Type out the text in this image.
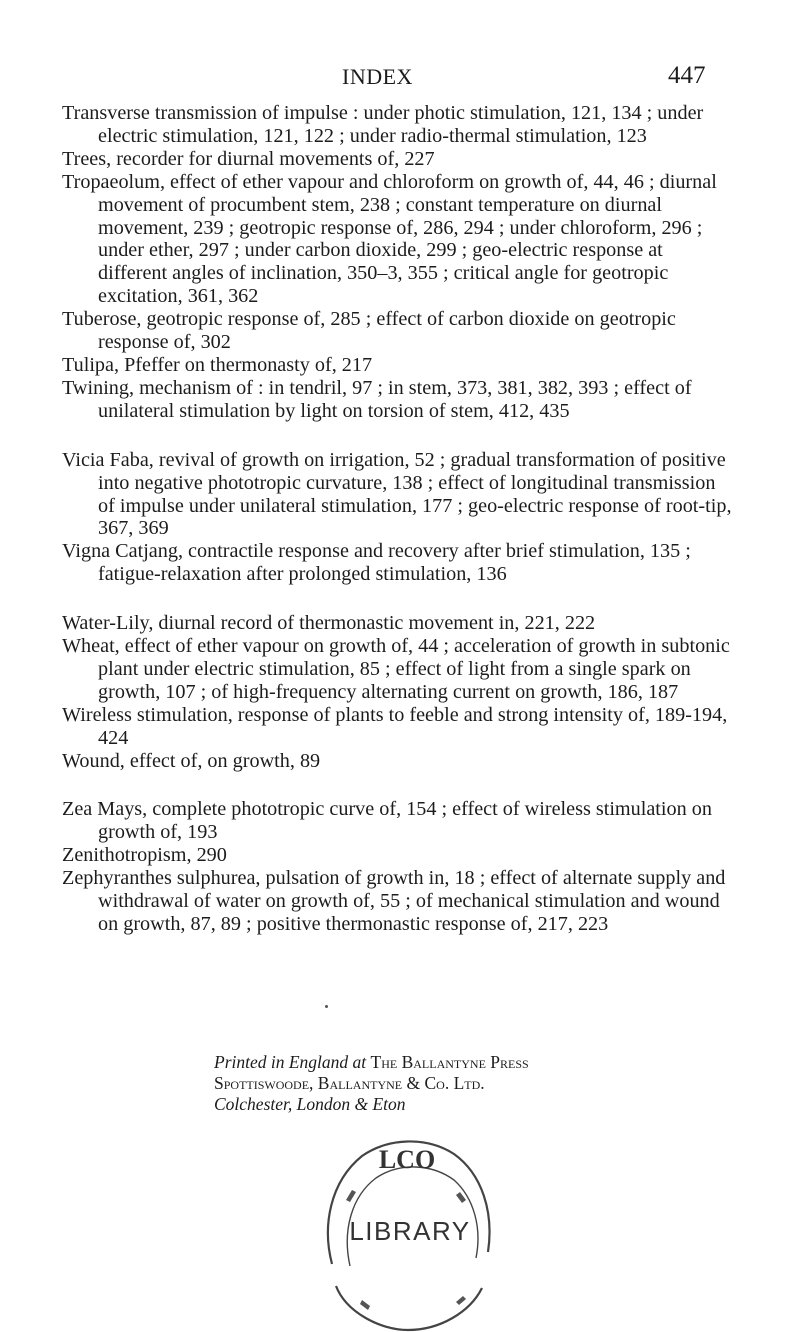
INDEX	447

Transverse transmission of impulse : under photic stimulation, 121, 134 ; under electric stimulation, 121, 122 ; under radio-thermal stimulation, 123

Trees, recorder for diurnal movements of, 227

Tropaeolum, effect of ether vapour and chloroform on growth of, 44, 46 ; diurnal movement of procumbent stem, 238 ; constant temperature on diurnal movement, 239 ; geotropic response of, 286, 294 ; under chloroform, 296 ; under ether, 297 ; under carbon dioxide, 299 ; geo-electric response at different angles of inclination, 350–3, 355 ; critical angle for geotropic excitation, 361, 362

Tuberose, geotropic response of, 285 ; effect of carbon dioxide on geotropic response of, 302

Tulipa, Pfeffer on thermonasty of, 217

Twining, mechanism of : in tendril, 97 ; in stem, 373, 381, 382, 393 ; effect of unilateral stimulation by light on torsion of stem, 412, 435

Vicia Faba, revival of growth on irrigation, 52 ; gradual transformation of positive into negative phototropic curvature, 138 ; effect of longitudinal transmission of impulse under unilateral stimulation, 177 ; geo-electric response of root-tip, 367, 369

Vigna Catjang, contractile response and recovery after brief stimulation, 135 ; fatigue-relaxation after prolonged stimulation, 136

Water-Lily, diurnal record of thermonastic movement in, 221, 222

Wheat, effect of ether vapour on growth of, 44 ; acceleration of growth in subtonic plant under electric stimulation, 85 ; effect of light from a single spark on growth, 107 ; of high-frequency alternating current on growth, 186, 187

Wireless stimulation, response of plants to feeble and strong intensity of, 189-194, 424

Wound, effect of, on growth, 89

Zea Mays, complete phototropic curve of, 154 ; effect of wireless stimulation on growth of, 193

Zenithotropism, 290

Zephyranthes sulphurea, pulsation of growth in, 18 ; effect of alternate supply and withdrawal of water on growth of, 55 ; of mechanical stimulation and wound on growth, 87, 89 ; positive thermonastic response of, 217, 223

Printed in England at The Ballantyne Press
Spottiswoode, Ballantyne & Co. Ltd.
Colchester, London & Eton
LCO
LIBRARY
